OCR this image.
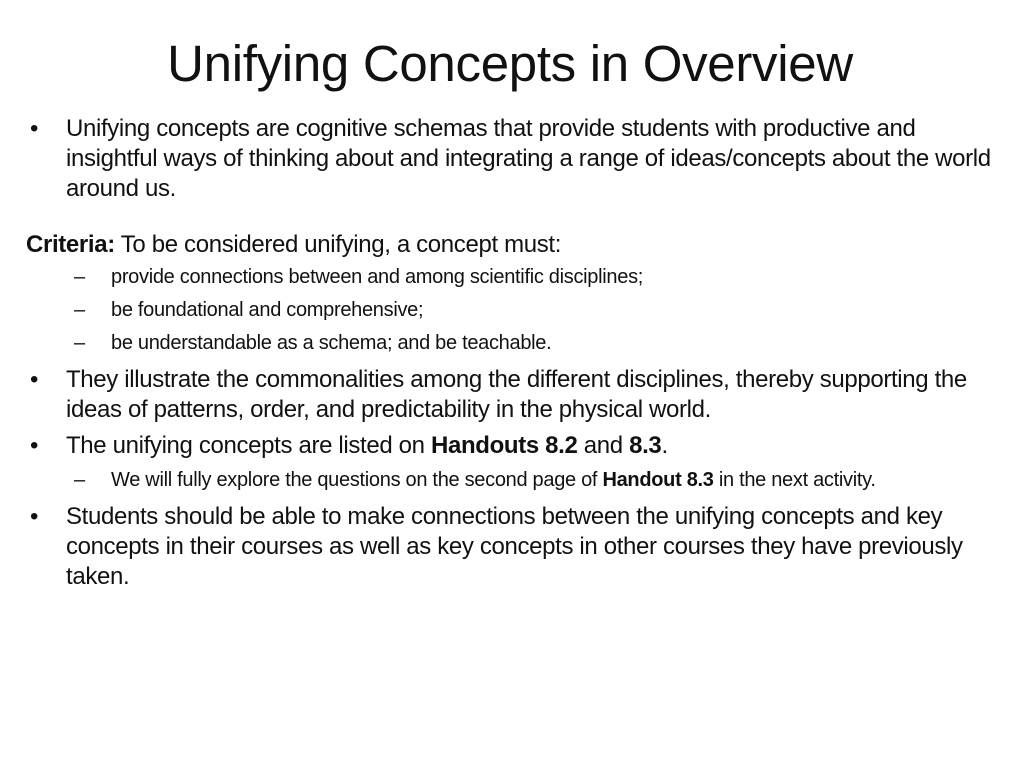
Unifying Concepts in Overview
• Unifying concepts are cognitive schemas that provide students with productive and insightful ways of thinking about and integrating a range of ideas/concepts about the world around us.
Criteria: To be considered unifying, a concept must:
– provide connections between and among scientific disciplines;
– be foundational and comprehensive;
– be understandable as a schema; and be teachable.
• They illustrate the commonalities among the different disciplines, thereby supporting the ideas of patterns, order, and predictability in the physical world.
• The unifying concepts are listed on Handouts 8.2 and 8.3.
– We will fully explore the questions on the second page of Handout 8.3 in the next activity.
• Students should be able to make connections between the unifying concepts and key concepts in their courses as well as key concepts in other courses they have previously taken.
